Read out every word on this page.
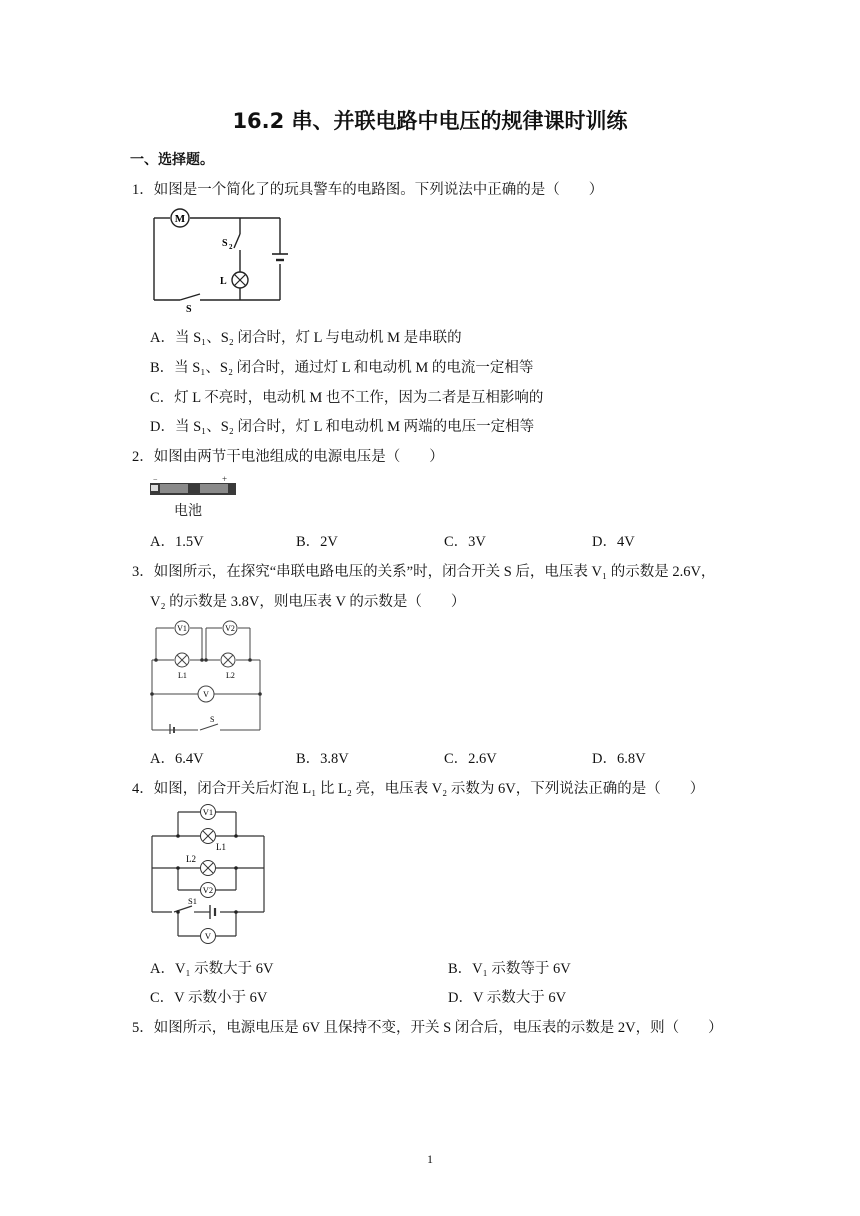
16.2 串、并联电路中电压的规律课时训练
一、选择题。
1．如图是一个简化了的玩具警车的电路图。下列说法中正确的是（　　）
M
L
S 2
S
A．当 S₁、S₂ 闭合时，灯 L 与电动机 M 是串联的
B．当 S₁、S₂ 闭合时，通过灯 L 和电动机 M 的电流一定相等
C．灯 L 不亮时，电动机 M 也不工作，因为二者是互相影响的
D．当 S₁、S₂ 闭合时，灯 L 和电动机 M 两端的电压一定相等
2．如图由两节干电池组成的电源电压是（　　）
−	+
电池
A．1.5V	B．2V	C．3V	D．4V
3．如图所示，在探究“串联电路电压的关系”时，闭合开关 S 后，电压表 V₁ 的示数是 2.6V，
V₂ 的示数是 3.8V，则电压表 V 的示数是（　　）
V1	V2
L1	L2
V
S
A．6.4V	B．3.8V	C．2.6V	D．6.8V
4．如图，闭合开关后灯泡 L₁ 比 L₂ 亮，电压表 V₂ 示数为 6V，下列说法正确的是（　　）
V1
L1
L2
V2
S1
V
A．V₁ 示数大于 6V	B．V₁ 示数等于 6V
C．V 示数小于 6V	D．V 示数大于 6V
5．如图所示，电源电压是 6V 且保持不变，开关 S 闭合后，电压表的示数是 2V，则（　　）
1
